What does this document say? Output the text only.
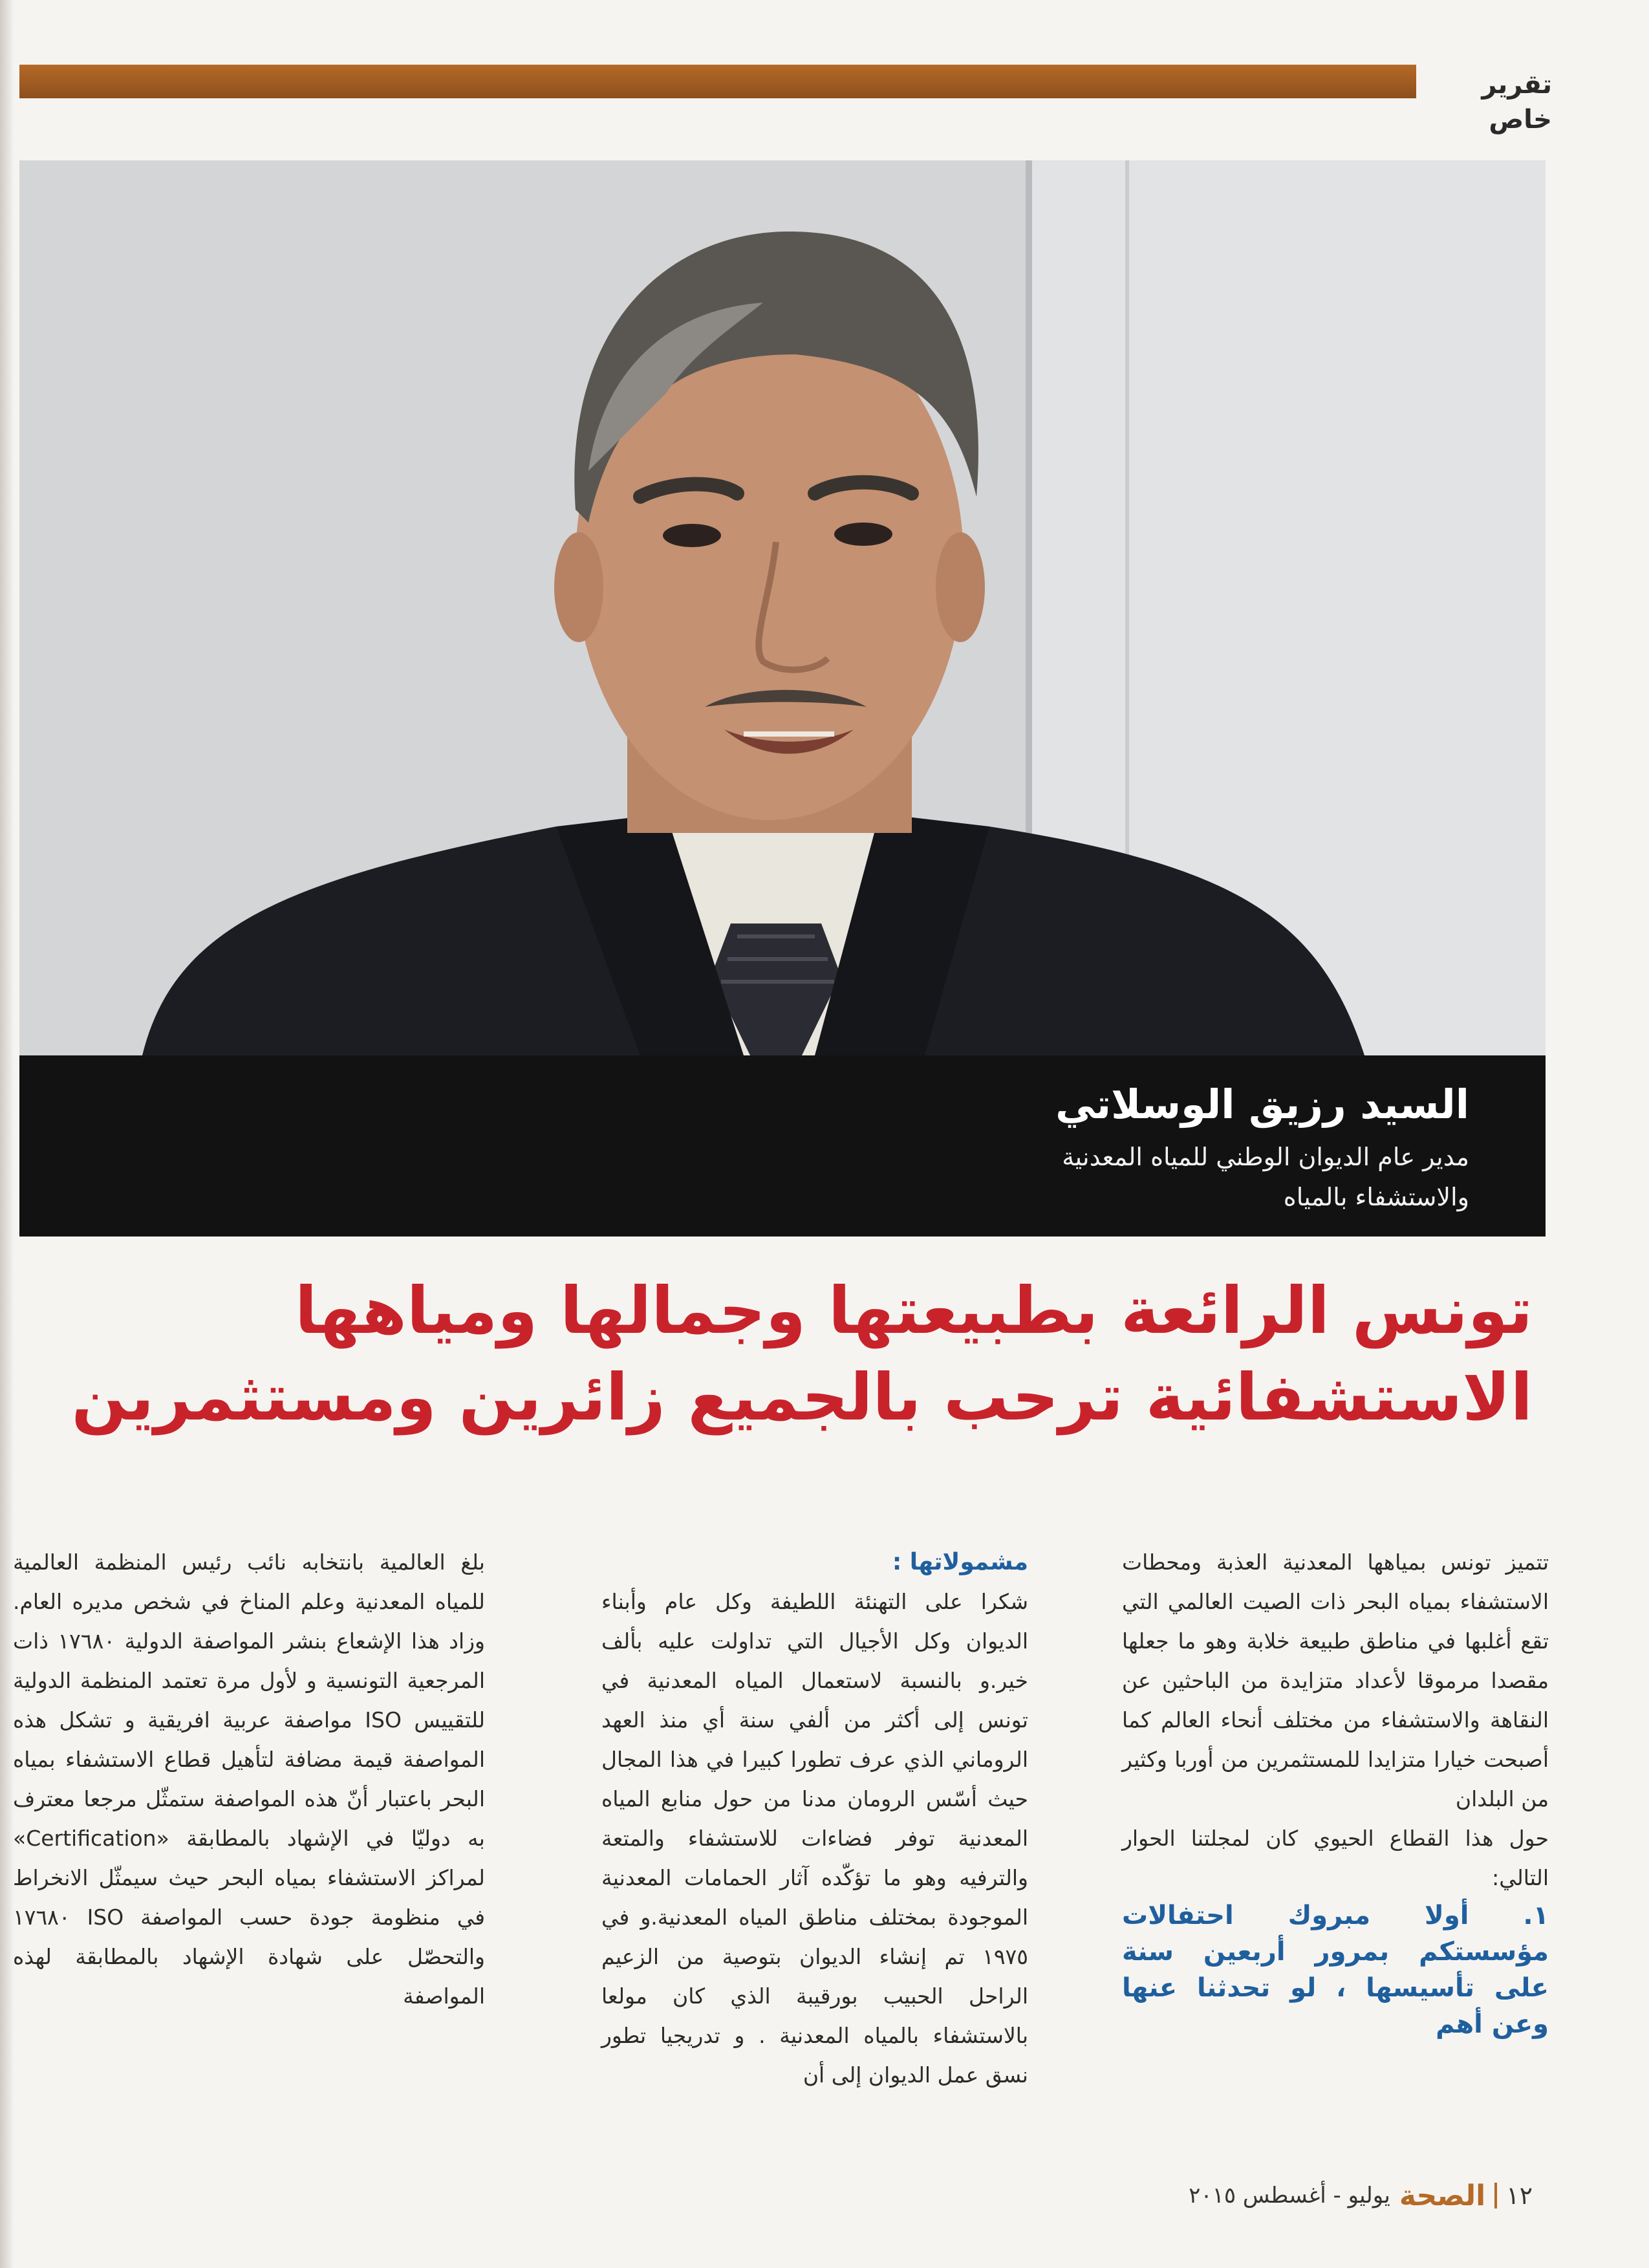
تقرير خاص
السيد رزيق الوسلاتي
مدير عام الديوان الوطني للمياه المعدنية
والاستشفاء بالمياه
تونس الرائعة بطبيعتها وجمالها ومياهها
الاستشفائية ترحب بالجميع زائرين ومستثمرين

تتميز تونس بمياهها المعدنية العذبة ومحطات الاستشفاء بمياه البحر ذات الصيت العالمي التي تقع أغلبها في مناطق طبيعة خلابة وهو ما جعلها مقصدا مرموقا لأعداد متزايدة من الباحثين عن النقاهة والاستشفاء من مختلف أنحاء العالم كما أصبحت خيارا متزايدا للمستثمرين من أوربا وكثير من البلدان

حول هذا القطاع الحيوي كان لمجلتنا الحوار التالي:

١. أولا مبروك احتفالات مؤسستكم بمرور أربعين سنة على تأسيسها ، لو تحدثنا عنها وعن أهم

مشمولاتها :

شكرا على التهنئة اللطيفة وكل عام وأبناء الديوان وكل الأجيال التي تداولت عليه بألف خير.و بالنسبة لاستعمال المياه المعدنية في تونس إلى أكثر من ألفي سنة أي منذ العهد الروماني الذي عرف تطورا كبيرا في هذا المجال حيث أسّس الرومان مدنا من حول منابع المياه المعدنية توفر فضاءات للاستشفاء والمتعة والترفيه وهو ما تؤكّده آثار الحمامات المعدنية الموجودة بمختلف مناطق المياه المعدنية.و في ١٩٧٥ تم إنشاء الديوان بتوصية من الزعيم الراحل الحبيب بورقيبة الذي كان مولعا بالاستشفاء بالمياه المعدنية . و تدريجيا تطور نسق عمل الديوان إلى أن

بلغ العالمية بانتخابه نائب رئيس المنظمة العالمية للمياه المعدنية وعلم المناخ في شخص مديره العام. وزاد هذا الإشعاع بنشر المواصفة الدولية ١٧٦٨٠ ذات المرجعية التونسية و لأول مرة تعتمد المنظمة الدولية للتقييس ISO مواصفة عربية افريقية و تشكل هذه المواصفة قيمة مضافة لتأهيل قطاع الاستشفاء بمياه البحر باعتبار أنّ هذه المواصفة ستمثّل مرجعا معترف به دوليّا في الإشهاد بالمطابقة «Certification» لمراكز الاستشفاء بمياه البحر حيث سيمثّل الانخراط في منظومة جودة حسب المواصفة ISO ١٧٦٨٠ والتحصّل على شهادة الإشهاد بالمطابقة لهذه المواصفة

١٢
الصحة
يوليو - أغسطس ٢٠١٥
